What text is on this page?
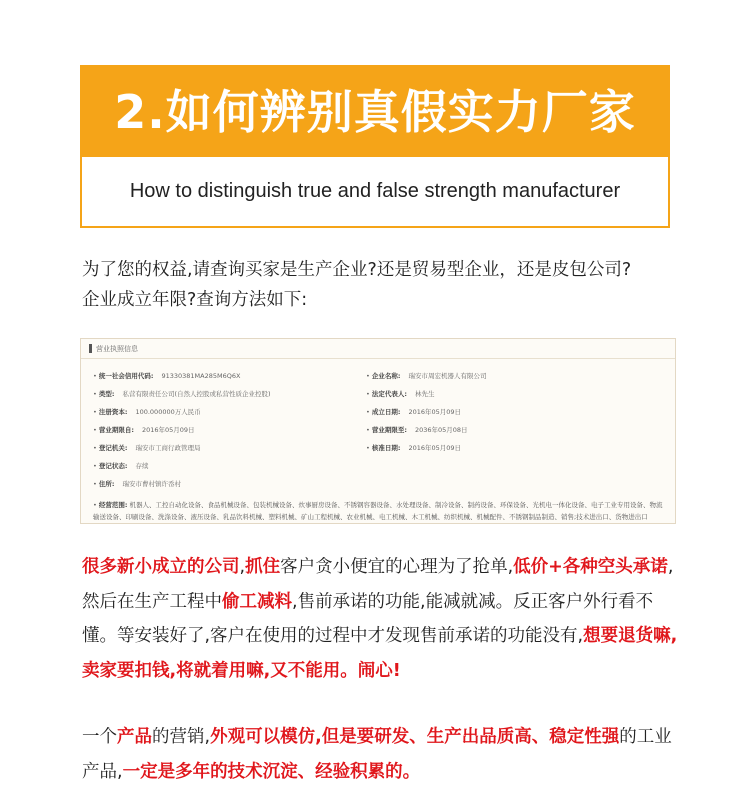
2.如何辨别真假实力厂家
How to distinguish true and false strength manufacturer
为了您的权益,请查询买家是生产企业?还是贸易型企业，还是皮包公司?
企业成立年限?查询方法如下:
营业执照信息
• 统一社会信用代码: 91330381MA285M6Q6X
• 类型: 私营有限责任公司(自然人控股或私营性质企业控股)
• 注册资本: 100.000000万人民币
• 营业期限自: 2016年05月09日
• 登记机关: 瑞安市工商行政管理局
• 登记状态: 存续
• 住所: 瑞安市曹村镇许岙村
• 企业名称: 瑞安市周宏机器人有限公司
• 法定代表人: 林先生
• 成立日期: 2016年05月09日
• 营业期限至: 2036年05月08日
• 核准日期: 2016年05月09日
• 经营范围: 机器人、工控自动化设备、食品机械设备、包装机械设备、炊事厨房设备、不锈钢容器设备、水处理设备、制冷设备、制药设备、环保设备、光机电一体化设备、电子工业专用设备、物流输送设备、印刷设备、洗涤设备、液压设备、乳品饮料机械、塑料机械、矿山工程机械、农业机械、电工机械、木工机械、纺织机械、机械配件、不锈钢制品制造、销售;技术进出口、货物进出口
很多新小成立的公司,抓住客户贪小便宜的心理为了抢单,低价+各种空头承诺,然后在生产工程中偷工减料,售前承诺的功能,能减就减。反正客户外行看不懂。等安装好了,客户在使用的过程中才发现售前承诺的功能没有,想要退货嘛,卖家要扣钱,将就着用嘛,又不能用。闹心!
一个产品的营销,外观可以模仿,但是要研发、生产出品质高、稳定性强的工业产品,一定是多年的技术沉淀、经验积累的。
